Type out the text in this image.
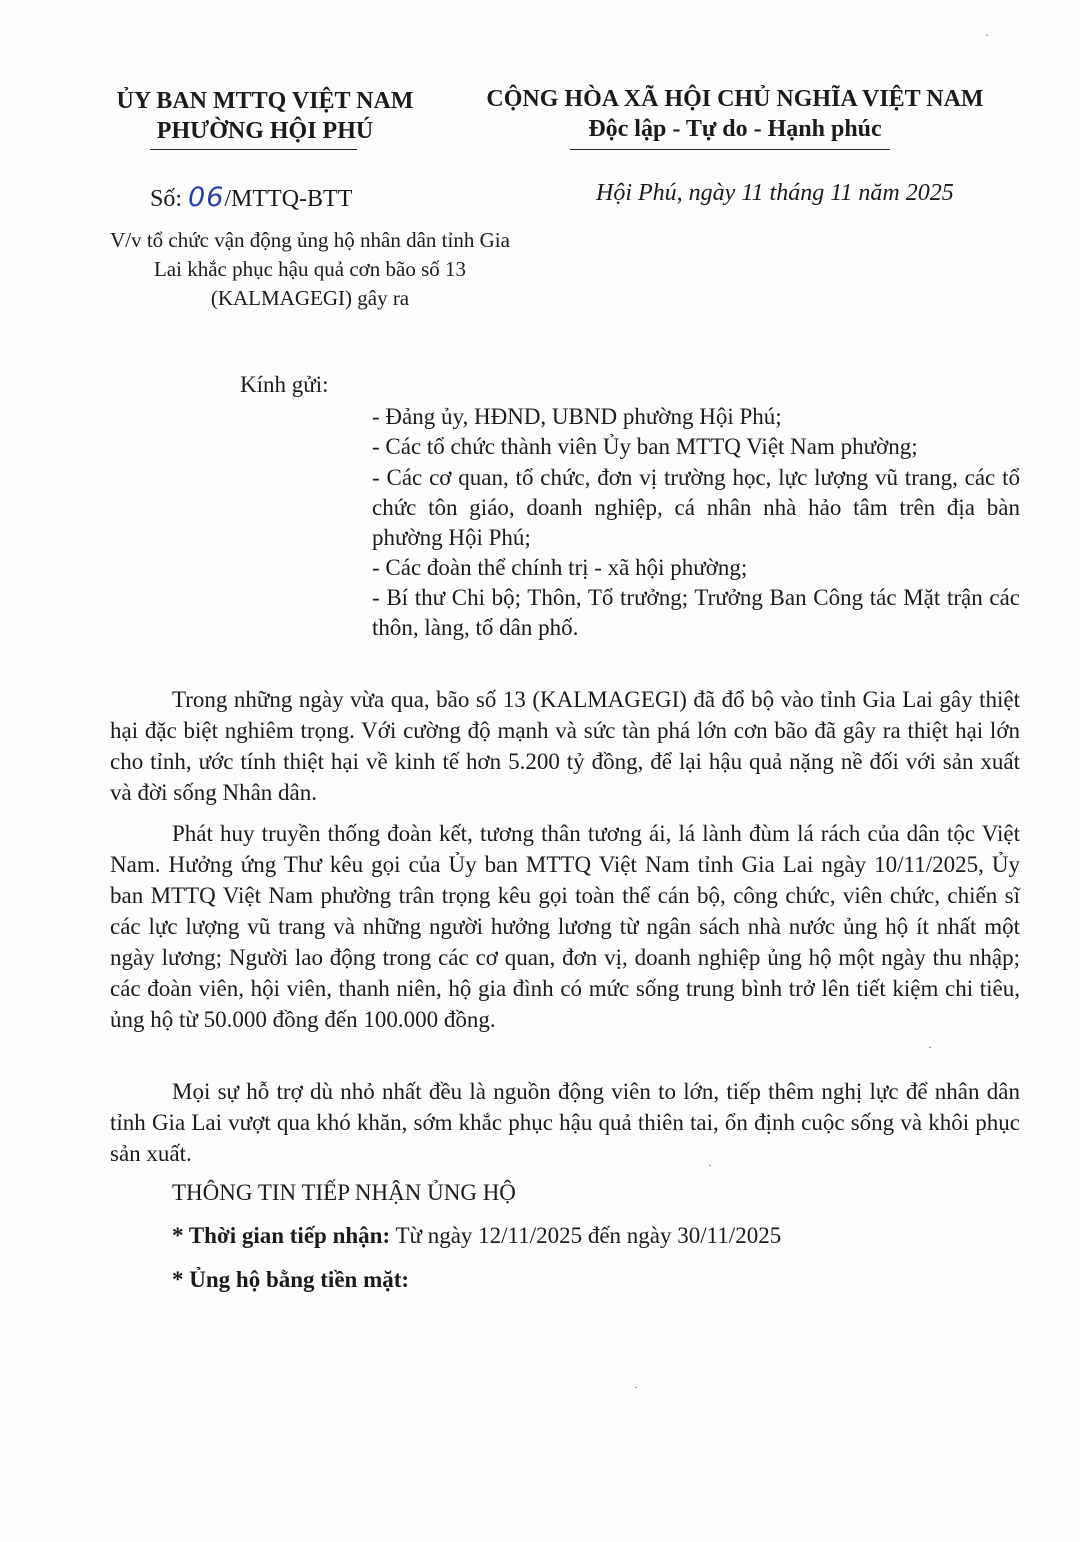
ỦY BAN MTTQ VIỆT NAM
PHƯỜNG HỘI PHÚ
CỘNG HÒA XÃ HỘI CHỦ NGHĨA VIỆT NAM
Độc lập - Tự do - Hạnh phúc
Số: 06/MTTQ-BTT	Hội Phú, ngày 11 tháng 11 năm 2025
V/v tổ chức vận động ủng hộ nhân dân tỉnh Gia Lai khắc phục hậu quả cơn bão số 13 (KALMAGEGI) gây ra
Kính gửi:
- Đảng ủy, HĐND, UBND phường Hội Phú;
- Các tổ chức thành viên Ủy ban MTTQ Việt Nam phường;
- Các cơ quan, tổ chức, đơn vị trường học, lực lượng vũ trang, các tổ chức tôn giáo, doanh nghiệp, cá nhân nhà hảo tâm trên địa bàn phường Hội Phú;
- Các đoàn thể chính trị - xã hội phường;
- Bí thư Chi bộ; Thôn, Tổ trưởng; Trưởng Ban Công tác Mặt trận các thôn, làng, tổ dân phố.
Trong những ngày vừa qua, bão số 13 (KALMAGEGI) đã đổ bộ vào tỉnh Gia Lai gây thiệt hại đặc biệt nghiêm trọng. Với cường độ mạnh và sức tàn phá lớn cơn bão đã gây ra thiệt hại lớn cho tỉnh, ước tính thiệt hại về kinh tế hơn 5.200 tỷ đồng, để lại hậu quả nặng nề đối với sản xuất và đời sống Nhân dân.
Phát huy truyền thống đoàn kết, tương thân tương ái, lá lành đùm lá rách của dân tộc Việt Nam. Hưởng ứng Thư kêu gọi của Ủy ban MTTQ Việt Nam tỉnh Gia Lai ngày 10/11/2025, Ủy ban MTTQ Việt Nam phường trân trọng kêu gọi toàn thể cán bộ, công chức, viên chức, chiến sĩ các lực lượng vũ trang và những người hưởng lương từ ngân sách nhà nước ủng hộ ít nhất một ngày lương; Người lao động trong các cơ quan, đơn vị, doanh nghiệp ủng hộ một ngày thu nhập; các đoàn viên, hội viên, thanh niên, hộ gia đình có mức sống trung bình trở lên tiết kiệm chi tiêu, ủng hộ từ 50.000 đồng đến 100.000 đồng.
Mọi sự hỗ trợ dù nhỏ nhất đều là nguồn động viên to lớn, tiếp thêm nghị lực để nhân dân tỉnh Gia Lai vượt qua khó khăn, sớm khắc phục hậu quả thiên tai, ổn định cuộc sống và khôi phục sản xuất.
THÔNG TIN TIẾP NHẬN ỦNG HỘ
* Thời gian tiếp nhận: Từ ngày 12/11/2025 đến ngày 30/11/2025
* Ủng hộ bằng tiền mặt:
·
·
·
·
